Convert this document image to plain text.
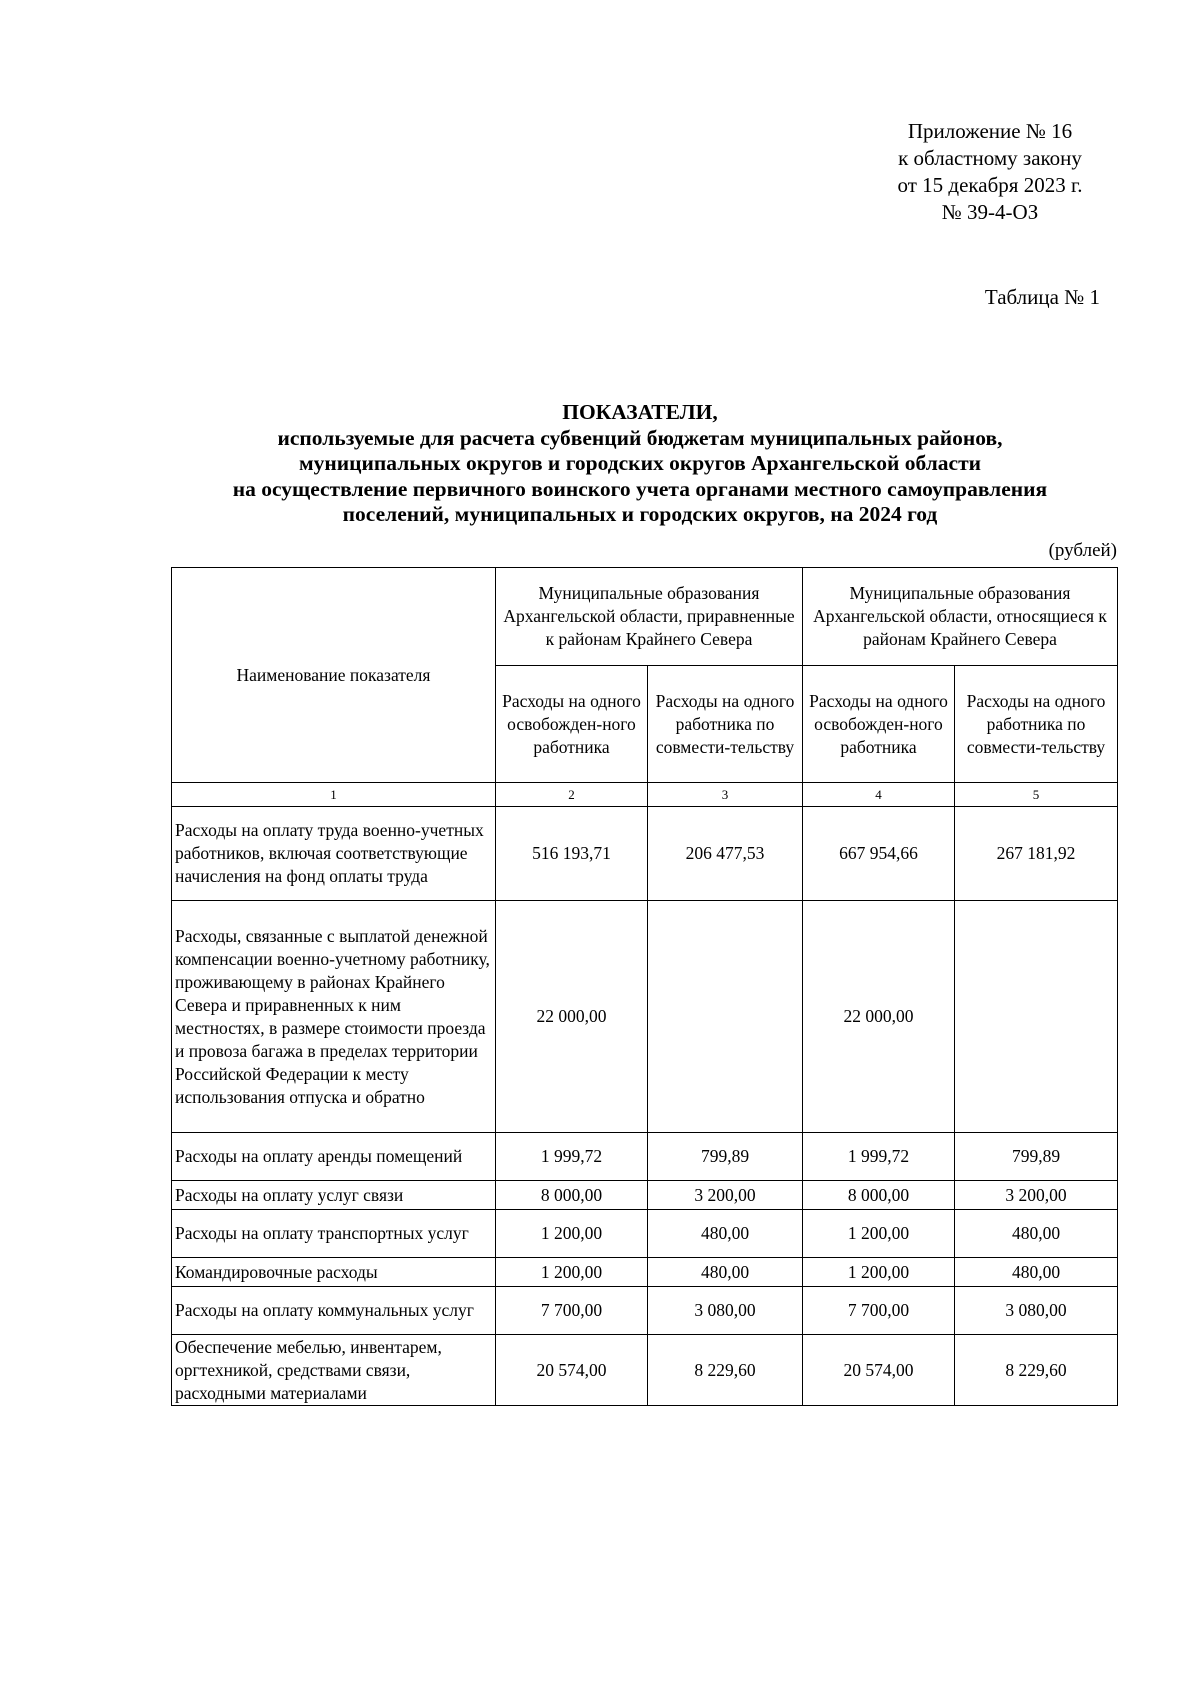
Приложение № 16
к областному закону
от 15 декабря 2023 г.
№ 39-4-ОЗ
Таблица № 1
ПОКАЗАТЕЛИ,
используемые для расчета субвенций бюджетам муниципальных районов,
муниципальных округов и городских округов Архангельской области
на осуществление первичного воинского учета органами местного самоуправления
поселений, муниципальных и городских округов, на 2024 год
(рублей)
Наименование показателя	Муниципальные образования Архангельской области, приравненные к районам Крайнего Севера		Муниципальные образования Архангельской области, относящиеся к районам Крайнего Севера	
	Расходы на одного освобожден-ного работника	Расходы на одного работника по совмести-тельству	Расходы на одного освобожден-ного работника	Расходы на одного работника по совмести-тельству
1	2	3	4	5
Расходы на оплату труда военно-учетных работников, включая соответствующие начисления на фонд оплаты труда	516 193,71	206 477,53	667 954,66	267 181,92
Расходы, связанные с выплатой денежной компенсации военно-учетному работнику, проживающему в районах Крайнего Севера и приравненных к ним местностях, в размере стоимости проезда и провоза багажа в пределах территории Российской Федерации к месту использования отпуска и обратно	22 000,00		22 000,00	
Расходы на оплату аренды помещений	1 999,72	799,89	1 999,72	799,89
Расходы на оплату услуг связи	8 000,00	3 200,00	8 000,00	3 200,00
Расходы на оплату транспортных услуг	1 200,00	480,00	1 200,00	480,00
Командировочные расходы	1 200,00	480,00	1 200,00	480,00
Расходы на оплату коммунальных услуг	7 700,00	3 080,00	7 700,00	3 080,00
Обеспечение мебелью, инвентарем, оргтехникой, средствами связи, расходными материалами	20 574,00	8 229,60	20 574,00	8 229,60
